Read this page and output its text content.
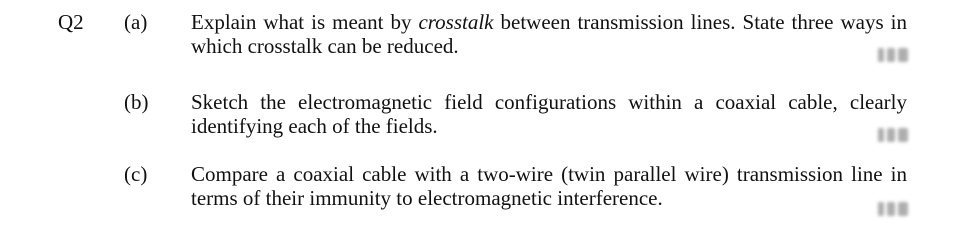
Q2 (a) Explain what is meant by crosstalk between transmission lines. State three ways in which crosstalk can be reduced.
(b) Sketch the electromagnetic field configurations within a coaxial cable, clearly identifying each of the fields.
(c) Compare a coaxial cable with a two-wire (twin parallel wire) transmission line in terms of their immunity to electromagnetic interference.
